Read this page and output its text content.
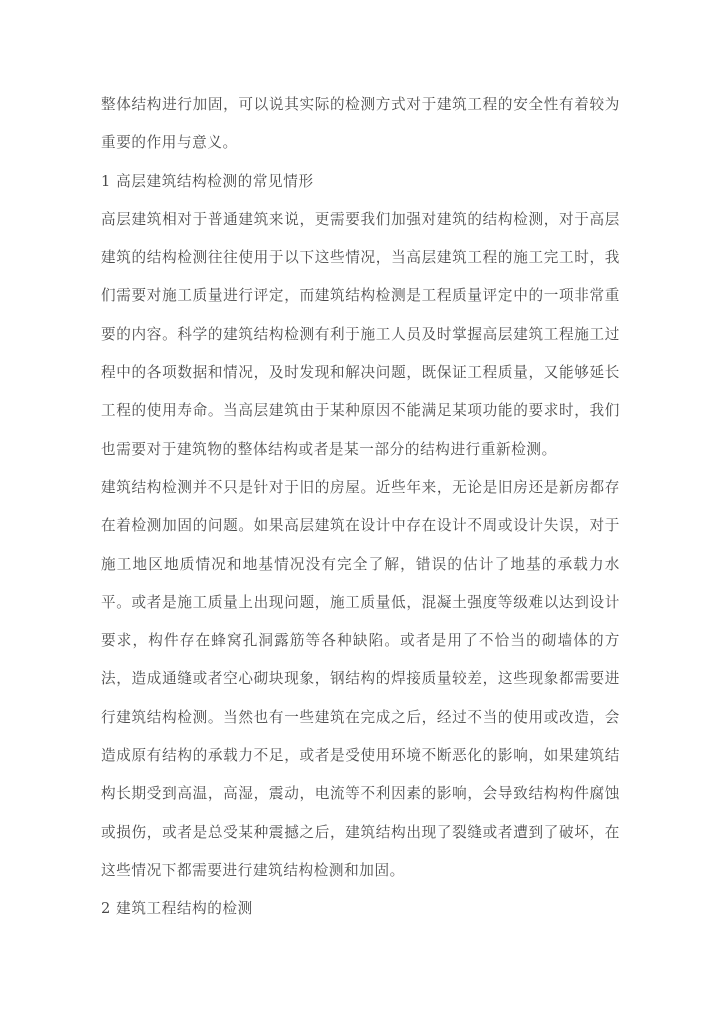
整体结构进行加固，可以说其实际的检测方式对于建筑工程的安全性有着较为重要的作用与意义。

1 高层建筑结构检测的常见情形

高层建筑相对于普通建筑来说，更需要我们加强对建筑的结构检测，对于高层建筑的结构检测往往使用于以下这些情况，当高层建筑工程的施工完工时，我们需要对施工质量进行评定，而建筑结构检测是工程质量评定中的一项非常重要的内容。科学的建筑结构检测有利于施工人员及时掌握高层建筑工程施工过程中的各项数据和情况，及时发现和解决问题，既保证工程质量，又能够延长工程的使用寿命。当高层建筑由于某种原因不能满足某项功能的要求时，我们也需要对于建筑物的整体结构或者是某一部分的结构进行重新检测。

建筑结构检测并不只是针对于旧的房屋。近些年来，无论是旧房还是新房都存在着检测加固的问题。如果高层建筑在设计中存在设计不周或设计失误，对于施工地区地质情况和地基情况没有完全了解，错误的估计了地基的承载力水平。或者是施工质量上出现问题，施工质量低，混凝土强度等级难以达到设计要求，构件存在蜂窝孔洞露筋等各种缺陷。或者是用了不恰当的砌墙体的方法，造成通缝或者空心砌块现象，钢结构的焊接质量较差，这些现象都需要进行建筑结构检测。当然也有一些建筑在完成之后，经过不当的使用或改造，会造成原有结构的承载力不足，或者是受使用环境不断恶化的影响，如果建筑结构长期受到高温，高湿，震动，电流等不利因素的影响，会导致结构构件腐蚀或损伤，或者是总受某种震撼之后，建筑结构出现了裂缝或者遭到了破坏，在这些情况下都需要进行建筑结构检测和加固。

2 建筑工程结构的检测
